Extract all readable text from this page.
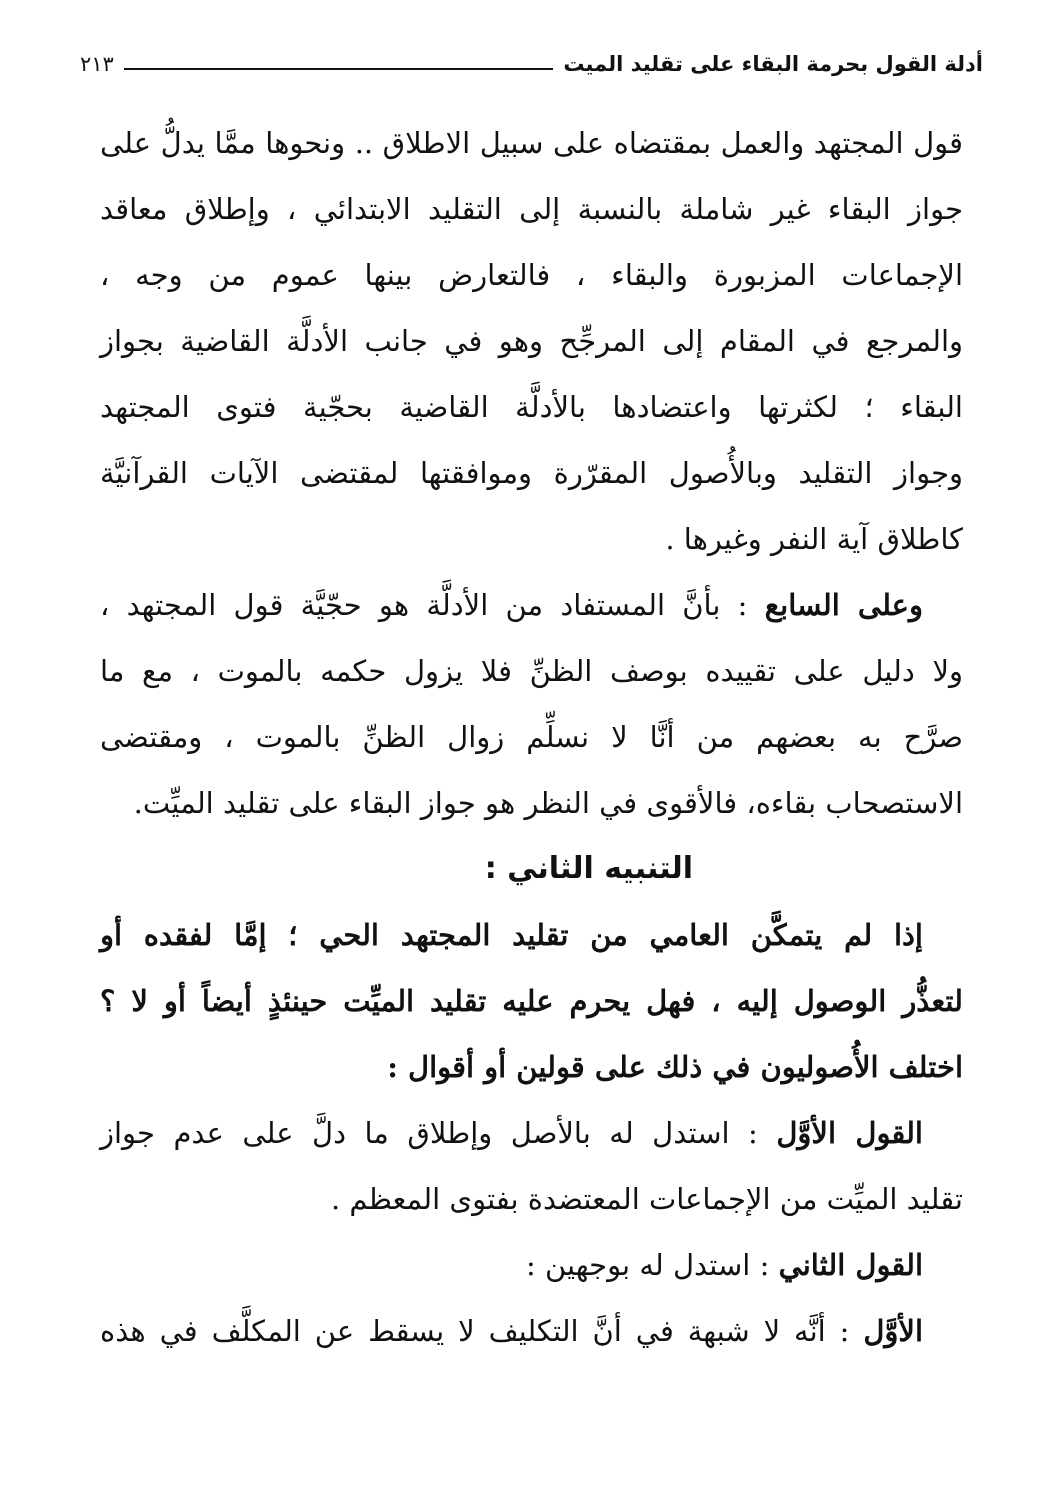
أدلة القول بحرمة البقاء على تقليد الميت
٢١٣
قول المجتهد والعمل بمقتضاه على سبيل الاطلاق .. ونحوها ممَّا يدلُّ على
جواز البقاء غير شاملة بالنسبة إلى التقليد الابتدائي ، وإطلاق معاقد
الإجماعات المزبورة والبقاء ، فالتعارض بينها عموم من وجه ،
والمرجع في المقام إلى المرجِّح وهو في جانب الأدلَّة القاضية بجواز
البقاء ؛ لكثرتها واعتضادها بالأدلَّة القاضية بحجّية فتوى المجتهد
وجواز التقليد وبالأُصول المقرّرة وموافقتها لمقتضى الآيات القرآنيَّة
كاطلاق آية النفر وغيرها .
وعلى السابع : بأنَّ المستفاد من الأدلَّة هو حجّيَّة قول المجتهد ،
ولا دليل على تقييده بوصف الظنِّ فلا يزول حكمه بالموت ، مع ما
صرَّح به بعضهم من أنَّا لا نسلِّم زوال الظنِّ بالموت ، ومقتضى
الاستصحاب بقاءه، فالأقوى في النظر هو جواز البقاء على تقليد الميِّت.
التنبيه الثاني :
إذا لم يتمكَّن العامي من تقليد المجتهد الحي ؛ إمَّا لفقده أو
لتعذُّر الوصول إليه ، فهل يحرم عليه تقليد الميِّت حينئذٍ أيضاً أو لا ؟
اختلف الأُصوليون في ذلك على قولين أو أقوال :
القول الأوَّل : استدل له بالأصل وإطلاق ما دلَّ على عدم جواز
تقليد الميِّت من الإجماعات المعتضدة بفتوى المعظم .
القول الثاني : استدل له بوجهين :
الأوَّل : أنَّه لا شبهة في أنَّ التكليف لا يسقط عن المكلَّف في هذه
